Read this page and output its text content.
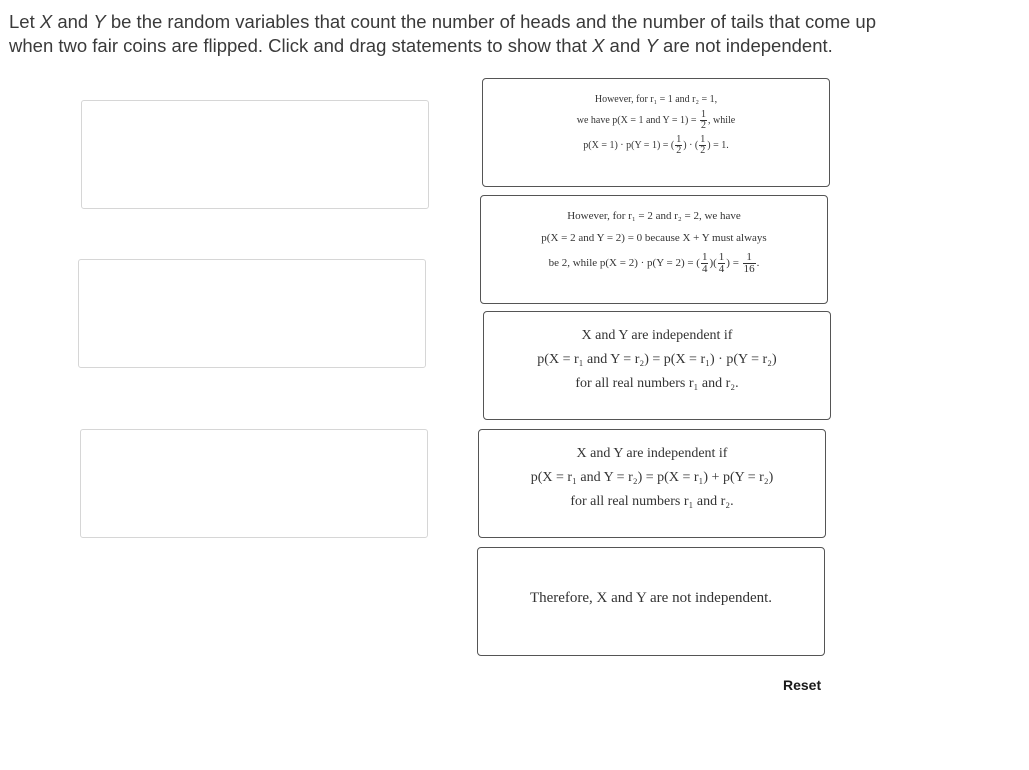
Let X and Y be the random variables that count the number of heads and the number of tails that come up
when two fair coins are flipped. Click and drag statements to show that X and Y are not independent.
However, for r₁ = 1 and r₂ = 1,
we have p(X = 1 and $Y = 1) = \frac{1}{2}$ , while
p(X = 1) · p(Y = 1) = ( $\frac{1}{2}$ ) · ( $\frac{1}{2}$ ) = 1.
However, for r₁ = 2 and r₂ = 2, we have
p(X = 2 and Y = 2) = 0 because X + Y must always
be 2, while p(X = 2) · p(Y = 2) = ( $\frac{1}{4}$ )( $\frac{1}{4}$ ) = $\frac{1}{16}$ .
X and Y are independent if
p(X = r₁ and Y = r₂) = p(X = r₁) · p(Y = r₂)
for all real numbers r₁ and r₂.
X and Y are independent if
p(X = r₁ and Y = r₂) = p(X = r₁) + p(Y = r₂)
for all real numbers r₁ and r₂.
Therefore, X and Y are not independent.
Reset
